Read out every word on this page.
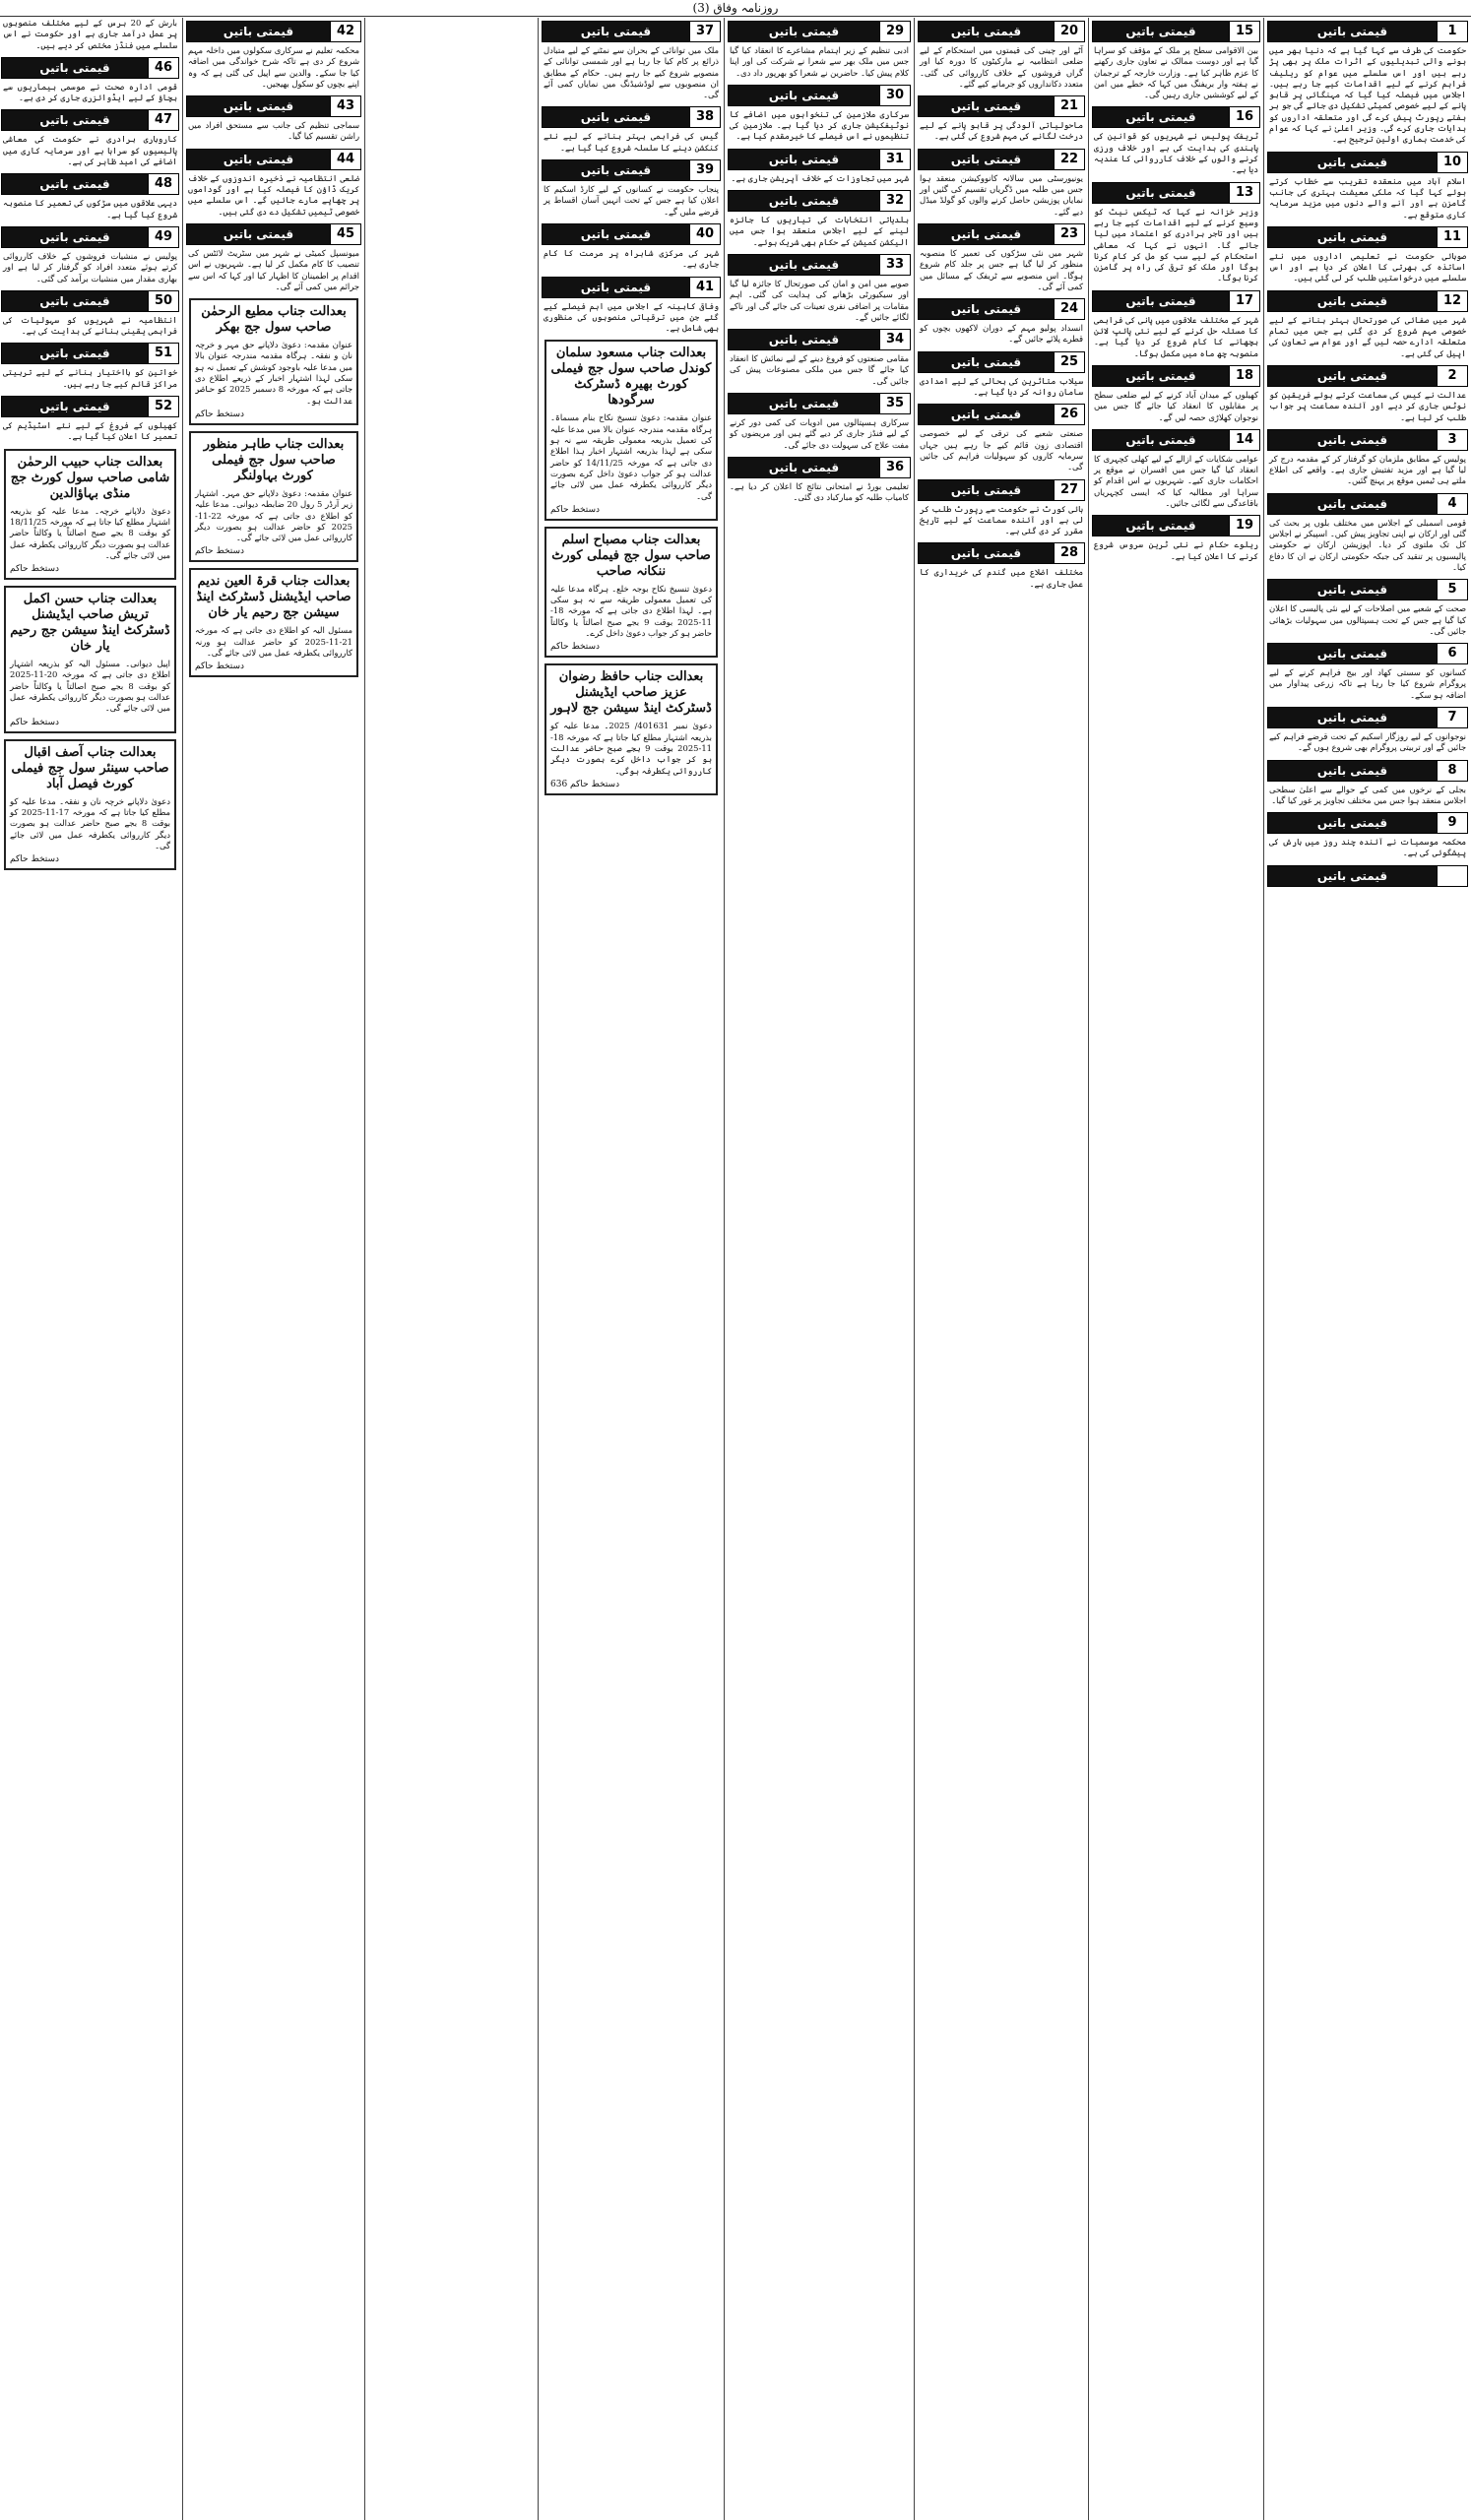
روزنامہ وفاق (3)
قیمتی باتیں	1
حکومت کی طرف سے کہا گیا ہے کہ دنیا بھر میں ہونے والی تبدیلیوں کے اثرات ملک پر بھی پڑ رہے ہیں اور اس سلسلے میں عوام کو ریلیف فراہم کرنے کے لیے اقدامات کیے جا رہے ہیں۔ اجلاس میں فیصلہ کیا گیا کہ مہنگائی پر قابو پانے کے لیے خصوصی کمیٹی تشکیل دی جائے گی جو ہر ہفتے رپورٹ پیش کرے گی اور متعلقہ اداروں کو ہدایات جاری کرے گی۔ وزیر اعلیٰ نے کہا کہ عوام کی خدمت ہماری اولین ترجیح ہے۔
قیمتی باتیں	10
اسلام آباد میں منعقدہ تقریب سے خطاب کرتے ہوئے کہا گیا کہ ملکی معیشت بہتری کی جانب گامزن ہے اور آنے والے دنوں میں مزید سرمایہ کاری متوقع ہے۔
قیمتی باتیں	11
صوبائی حکومت نے تعلیمی اداروں میں نئے اساتذہ کی بھرتی کا اعلان کر دیا ہے اور اس سلسلے میں درخواستیں طلب کر لی گئی ہیں۔
قیمتی باتیں	12
شہر میں صفائی کی صورتحال بہتر بنانے کے لیے خصوصی مہم شروع کر دی گئی ہے جس میں تمام متعلقہ ادارے حصہ لیں گے اور عوام سے تعاون کی اپیل کی گئی ہے۔
قیمتی باتیں	2
عدالت نے کیس کی سماعت کرتے ہوئے فریقین کو نوٹس جاری کر دیے اور آئندہ سماعت پر جواب طلب کر لیا ہے۔
قیمتی باتیں	3
پولیس کے مطابق ملزمان کو گرفتار کر کے مقدمہ درج کر لیا گیا ہے اور مزید تفتیش جاری ہے۔ واقعے کی اطلاع ملتے ہی ٹیمیں موقع پر پہنچ گئیں۔
قیمتی باتیں	4
قومی اسمبلی کے اجلاس میں مختلف بلوں پر بحث کی گئی اور ارکان نے اپنی تجاویز پیش کیں۔ اسپیکر نے اجلاس کل تک ملتوی کر دیا۔ اپوزیشن ارکان نے حکومتی پالیسیوں پر تنقید کی جبکہ حکومتی ارکان نے ان کا دفاع کیا۔
قیمتی باتیں	5
صحت کے شعبے میں اصلاحات کے لیے نئی پالیسی کا اعلان کیا گیا ہے جس کے تحت ہسپتالوں میں سہولیات بڑھائی جائیں گی۔
قیمتی باتیں	6
کسانوں کو سستی کھاد اور بیج فراہم کرنے کے لیے پروگرام شروع کیا جا رہا ہے تاکہ زرعی پیداوار میں اضافہ ہو سکے۔
قیمتی باتیں	7
نوجوانوں کے لیے روزگار اسکیم کے تحت قرضے فراہم کیے جائیں گے اور تربیتی پروگرام بھی شروع ہوں گے۔
قیمتی باتیں	8
بجلی کے نرخوں میں کمی کے حوالے سے اعلیٰ سطحی اجلاس منعقد ہوا جس میں مختلف تجاویز پر غور کیا گیا۔
قیمتی باتیں	9
محکمہ موسمیات نے آئندہ چند روز میں بارش کی پیشگوئی کی ہے۔
قیمتی باتیں
قیمتی باتیں	15
بین الاقوامی سطح پر ملک کے مؤقف کو سراہا گیا ہے اور دوست ممالک نے تعاون جاری رکھنے کا عزم ظاہر کیا ہے۔ وزارت خارجہ کے ترجمان نے ہفتہ وار بریفنگ میں کہا کہ خطے میں امن کے لیے کوششیں جاری رہیں گی۔
قیمتی باتیں	16
ٹریفک پولیس نے شہریوں کو قوانین کی پابندی کی ہدایت کی ہے اور خلاف ورزی کرنے والوں کے خلاف کارروائی کا عندیہ دیا ہے۔
قیمتی باتیں	13
وزیر خزانہ نے کہا کہ ٹیکس نیٹ کو وسیع کرنے کے لیے اقدامات کیے جا رہے ہیں اور تاجر برادری کو اعتماد میں لیا جائے گا۔ انہوں نے کہا کہ معاشی استحکام کے لیے سب کو مل کر کام کرنا ہوگا اور ملک کو ترقی کی راہ پر گامزن کرنا ہوگا۔
قیمتی باتیں	17
شہر کے مختلف علاقوں میں پانی کی فراہمی کا مسئلہ حل کرنے کے لیے نئی پائپ لائن بچھانے کا کام شروع کر دیا گیا ہے۔ منصوبہ چھ ماہ میں مکمل ہوگا۔
قیمتی باتیں	18
کھیلوں کے میدان آباد کرنے کے لیے ضلعی سطح پر مقابلوں کا انعقاد کیا جائے گا جس میں نوجوان کھلاڑی حصہ لیں گے۔
قیمتی باتیں	14
عوامی شکایات کے ازالے کے لیے کھلی کچہری کا انعقاد کیا گیا جس میں افسران نے موقع پر احکامات جاری کیے۔ شہریوں نے اس اقدام کو سراہا اور مطالبہ کیا کہ ایسی کچہریاں باقاعدگی سے لگائی جائیں۔
قیمتی باتیں	19
ریلوے حکام نے نئی ٹرین سروس شروع کرنے کا اعلان کیا ہے۔
قیمتی باتیں	20
آٹے اور چینی کی قیمتوں میں استحکام کے لیے ضلعی انتظامیہ نے مارکیٹوں کا دورہ کیا اور گراں فروشوں کے خلاف کارروائی کی گئی۔ متعدد دکانداروں کو جرمانے کیے گئے۔
قیمتی باتیں	21
ماحولیاتی آلودگی پر قابو پانے کے لیے درخت لگانے کی مہم شروع کی گئی ہے۔
قیمتی باتیں	22
یونیورسٹی میں سالانہ کانووکیشن منعقد ہوا جس میں طلبہ میں ڈگریاں تقسیم کی گئیں اور نمایاں پوزیشن حاصل کرنے والوں کو گولڈ میڈل دیے گئے۔
قیمتی باتیں	23
شہر میں نئی سڑکوں کی تعمیر کا منصوبہ منظور کر لیا گیا ہے جس پر جلد کام شروع ہوگا۔ اس منصوبے سے ٹریفک کے مسائل میں کمی آئے گی۔
قیمتی باتیں	24
انسداد پولیو مہم کے دوران لاکھوں بچوں کو قطرے پلائے جائیں گے۔
قیمتی باتیں	25
سیلاب متاثرین کی بحالی کے لیے امدادی سامان روانہ کر دیا گیا ہے۔
قیمتی باتیں	26
صنعتی شعبے کی ترقی کے لیے خصوصی اقتصادی زون قائم کیے جا رہے ہیں جہاں سرمایہ کاروں کو سہولیات فراہم کی جائیں گی۔
قیمتی باتیں	27
ہائی کورٹ نے حکومت سے رپورٹ طلب کر لی ہے اور آئندہ سماعت کے لیے تاریخ مقرر کر دی گئی ہے۔
قیمتی باتیں	28
مختلف اضلاع میں گندم کی خریداری کا عمل جاری ہے۔
قیمتی باتیں	29
ادبی تنظیم کے زیر اہتمام مشاعرے کا انعقاد کیا گیا جس میں ملک بھر سے شعرا نے شرکت کی اور اپنا کلام پیش کیا۔ حاضرین نے شعرا کو بھرپور داد دی۔
قیمتی باتیں	30
سرکاری ملازمین کی تنخواہوں میں اضافے کا نوٹیفکیشن جاری کر دیا گیا ہے۔ ملازمین کی تنظیموں نے اس فیصلے کا خیرمقدم کیا ہے۔
قیمتی باتیں	31
شہر میں تجاوزات کے خلاف آپریشن جاری ہے۔
قیمتی باتیں	32
بلدیاتی انتخابات کی تیاریوں کا جائزہ لینے کے لیے اجلاس منعقد ہوا جس میں الیکشن کمیشن کے حکام بھی شریک ہوئے۔
قیمتی باتیں	33
صوبے میں امن و امان کی صورتحال کا جائزہ لیا گیا اور سیکیورٹی بڑھانے کی ہدایت کی گئی۔ اہم مقامات پر اضافی نفری تعینات کی جائے گی اور ناکے لگائے جائیں گے۔
قیمتی باتیں	34
مقامی صنعتوں کو فروغ دینے کے لیے نمائش کا انعقاد کیا جائے گا جس میں ملکی مصنوعات پیش کی جائیں گی۔
قیمتی باتیں	35
سرکاری ہسپتالوں میں ادویات کی کمی دور کرنے کے لیے فنڈز جاری کر دیے گئے ہیں اور مریضوں کو مفت علاج کی سہولت دی جائے گی۔
قیمتی باتیں	36
تعلیمی بورڈ نے امتحانی نتائج کا اعلان کر دیا ہے۔ کامیاب طلبہ کو مبارکباد دی گئی۔
قیمتی باتیں	37
ملک میں توانائی کے بحران سے نمٹنے کے لیے متبادل ذرائع پر کام کیا جا رہا ہے اور شمسی توانائی کے منصوبے شروع کیے جا رہے ہیں۔ حکام کے مطابق ان منصوبوں سے لوڈشیڈنگ میں نمایاں کمی آئے گی۔
قیمتی باتیں	38
گیس کی فراہمی بہتر بنانے کے لیے نئے کنکشن دینے کا سلسلہ شروع کیا گیا ہے۔
قیمتی باتیں	39
پنجاب حکومت نے کسانوں کے لیے کارڈ اسکیم کا اعلان کیا ہے جس کے تحت انہیں آسان اقساط پر قرضے ملیں گے۔
قیمتی باتیں	40
شہر کی مرکزی شاہراہ پر مرمت کا کام جاری ہے۔
قیمتی باتیں	41
وفاقی کابینہ کے اجلاس میں اہم فیصلے کیے گئے جن میں ترقیاتی منصوبوں کی منظوری بھی شامل ہے۔
بعدالت جناب مسعود سلمان کوندل صاحب سول جج فیملی کورٹ بھیرہ ڈسٹرکٹ سرگودھا
عنوان مقدمہ: دعویٰ تنسیخ نکاح بنام مسماۃ۔ ہرگاہ مقدمہ مندرجہ عنوان بالا میں مدعا علیہ کی تعمیل بذریعہ معمولی طریقہ سے نہ ہو سکی ہے لہذا بذریعہ اشتہار اخبار ہذا اطلاع دی جاتی ہے کہ مورخہ 14/11/25 کو حاضر عدالت ہو کر جواب دعویٰ داخل کرے بصورت دیگر کارروائی یکطرفہ عمل میں لائی جائے گی۔
دستخط حاکم
بعدالت جناب مصباح اسلم صاحب سول جج فیملی کورٹ ننکانہ صاحب
دعویٰ تنسیخ نکاح بوجہ خلع۔ ہرگاہ مدعا علیہ کی تعمیل معمولی طریقہ سے نہ ہو سکی ہے۔ لہذا اطلاع دی جاتی ہے کہ مورخہ 18-11-2025 بوقت 9 بجے صبح اصالتاً یا وکالتاً حاضر ہو کر جواب دعویٰ داخل کرے۔
دستخط حاکم
بعدالت جناب حافظ رضوان عزیز صاحب ایڈیشنل ڈسٹرکٹ اینڈ سیشن جج لاہور
دعویٰ نمبر 401631/ 2025۔ مدعا علیہ کو بذریعہ اشتہار مطلع کیا جاتا ہے کہ مورخہ 18-11-2025 بوقت 9 بجے صبح حاضر عدالت ہو کر جواب داخل کرے بصورت دیگر کارروائی یکطرفہ ہوگی۔
دستخط حاکم 636
قیمتی باتیں	42
محکمہ تعلیم نے سرکاری سکولوں میں داخلہ مہم شروع کر دی ہے تاکہ شرح خواندگی میں اضافہ کیا جا سکے۔ والدین سے اپیل کی گئی ہے کہ وہ اپنے بچوں کو سکول بھیجیں۔
قیمتی باتیں	43
سماجی تنظیم کی جانب سے مستحق افراد میں راشن تقسیم کیا گیا۔
قیمتی باتیں	44
ضلعی انتظامیہ نے ذخیرہ اندوزوں کے خلاف کریک ڈاؤن کا فیصلہ کیا ہے اور گوداموں پر چھاپے مارے جائیں گے۔ اس سلسلے میں خصوصی ٹیمیں تشکیل دے دی گئی ہیں۔
قیمتی باتیں	45
میونسپل کمیٹی نے شہر میں سٹریٹ لائٹس کی تنصیب کا کام مکمل کر لیا ہے۔ شہریوں نے اس اقدام پر اطمینان کا اظہار کیا اور کہا کہ اس سے جرائم میں کمی آئے گی۔
بعدالت جناب مطیع الرحمٰن صاحب سول جج بھکر
عنوان مقدمہ: دعویٰ دلاپانے حق مہر و خرچہ نان و نفقہ۔ ہرگاہ مقدمہ مندرجہ عنوان بالا میں مدعا علیہ باوجود کوشش کے تعمیل نہ ہو سکی لہذا اشتہار اخبار کے ذریعے اطلاع دی جاتی ہے کہ مورخہ 8 دسمبر 2025 کو حاضر عدالت ہو۔
دستخط حاکم
بعدالت جناب طاہر منظور صاحب سول جج فیملی کورٹ بہاولنگر
عنوان مقدمہ: دعویٰ دلاپانے حق مہر۔ اشتہار زیر آرڈر 5 رول 20 ضابطہ دیوانی۔ مدعا علیہ کو اطلاع دی جاتی ہے کہ مورخہ 22-11-2025 کو حاضر عدالت ہو بصورت دیگر کارروائی عمل میں لائی جائے گی۔
دستخط حاکم
بعدالت جناب قرۃ العین ندیم صاحب ایڈیشنل ڈسٹرکٹ اینڈ سیشن جج رحیم یار خان
مسئول الیہ کو اطلاع دی جاتی ہے کہ مورخہ 21-11-2025 کو حاضر عدالت ہو ورنہ کارروائی یکطرفہ عمل میں لائی جائے گی۔
دستخط حاکم
بارش کے 20 برس کے لیے مختلف منصوبوں پر عمل درآمد جاری ہے اور حکومت نے اس سلسلے میں فنڈز مختص کر دیے ہیں۔
قیمتی باتیں	46
قومی ادارہ صحت نے موسمی بیماریوں سے بچاؤ کے لیے ایڈوائزری جاری کر دی ہے۔
قیمتی باتیں	47
کاروباری برادری نے حکومت کی معاشی پالیسیوں کو سراہا ہے اور سرمایہ کاری میں اضافے کی امید ظاہر کی ہے۔
قیمتی باتیں	48
دیہی علاقوں میں سڑکوں کی تعمیر کا منصوبہ شروع کیا گیا ہے۔
قیمتی باتیں	49
پولیس نے منشیات فروشوں کے خلاف کارروائی کرتے ہوئے متعدد افراد کو گرفتار کر لیا ہے اور بھاری مقدار میں منشیات برآمد کی گئی۔
قیمتی باتیں	50
انتظامیہ نے شہریوں کو سہولیات کی فراہمی یقینی بنانے کی ہدایت کی ہے۔
قیمتی باتیں	51
خواتین کو بااختیار بنانے کے لیے تربیتی مراکز قائم کیے جا رہے ہیں۔
قیمتی باتیں	52
کھیلوں کے فروغ کے لیے نئے اسٹیڈیم کی تعمیر کا اعلان کیا گیا ہے۔
بعدالت جناب حبیب الرحمٰن شامی صاحب سول کورٹ جج منڈی بہاؤالدین
دعویٰ دلاپانے خرچہ۔ مدعا علیہ کو بذریعہ اشتہار مطلع کیا جاتا ہے کہ مورخہ 18/11/25 کو بوقت 8 بجے صبح اصالتاً یا وکالتاً حاضر عدالت ہو بصورت دیگر کارروائی یکطرفہ عمل میں لائی جائے گی۔
دستخط حاکم
بعدالت جناب حسن اکمل تریش صاحب ایڈیشنل ڈسٹرکٹ اینڈ سیشن جج رحیم یار خان
اپیل دیوانی۔ مسئول الیہ کو بذریعہ اشتہار اطلاع دی جاتی ہے کہ مورخہ 20-11-2025 کو بوقت 8 بجے صبح اصالتاً یا وکالتاً حاضر عدالت ہو بصورت دیگر کارروائی یکطرفہ عمل میں لائی جائے گی۔
دستخط حاکم
بعدالت جناب آصف اقبال صاحب سینئر سول جج فیملی کورٹ فیصل آباد
دعویٰ دلاپانے خرچہ نان و نفقہ۔ مدعا علیہ کو مطلع کیا جاتا ہے کہ مورخہ 17-11-2025 کو بوقت 8 بجے صبح حاضر عدالت ہو بصورت دیگر کارروائی یکطرفہ عمل میں لائی جائے گی۔
دستخط حاکم
